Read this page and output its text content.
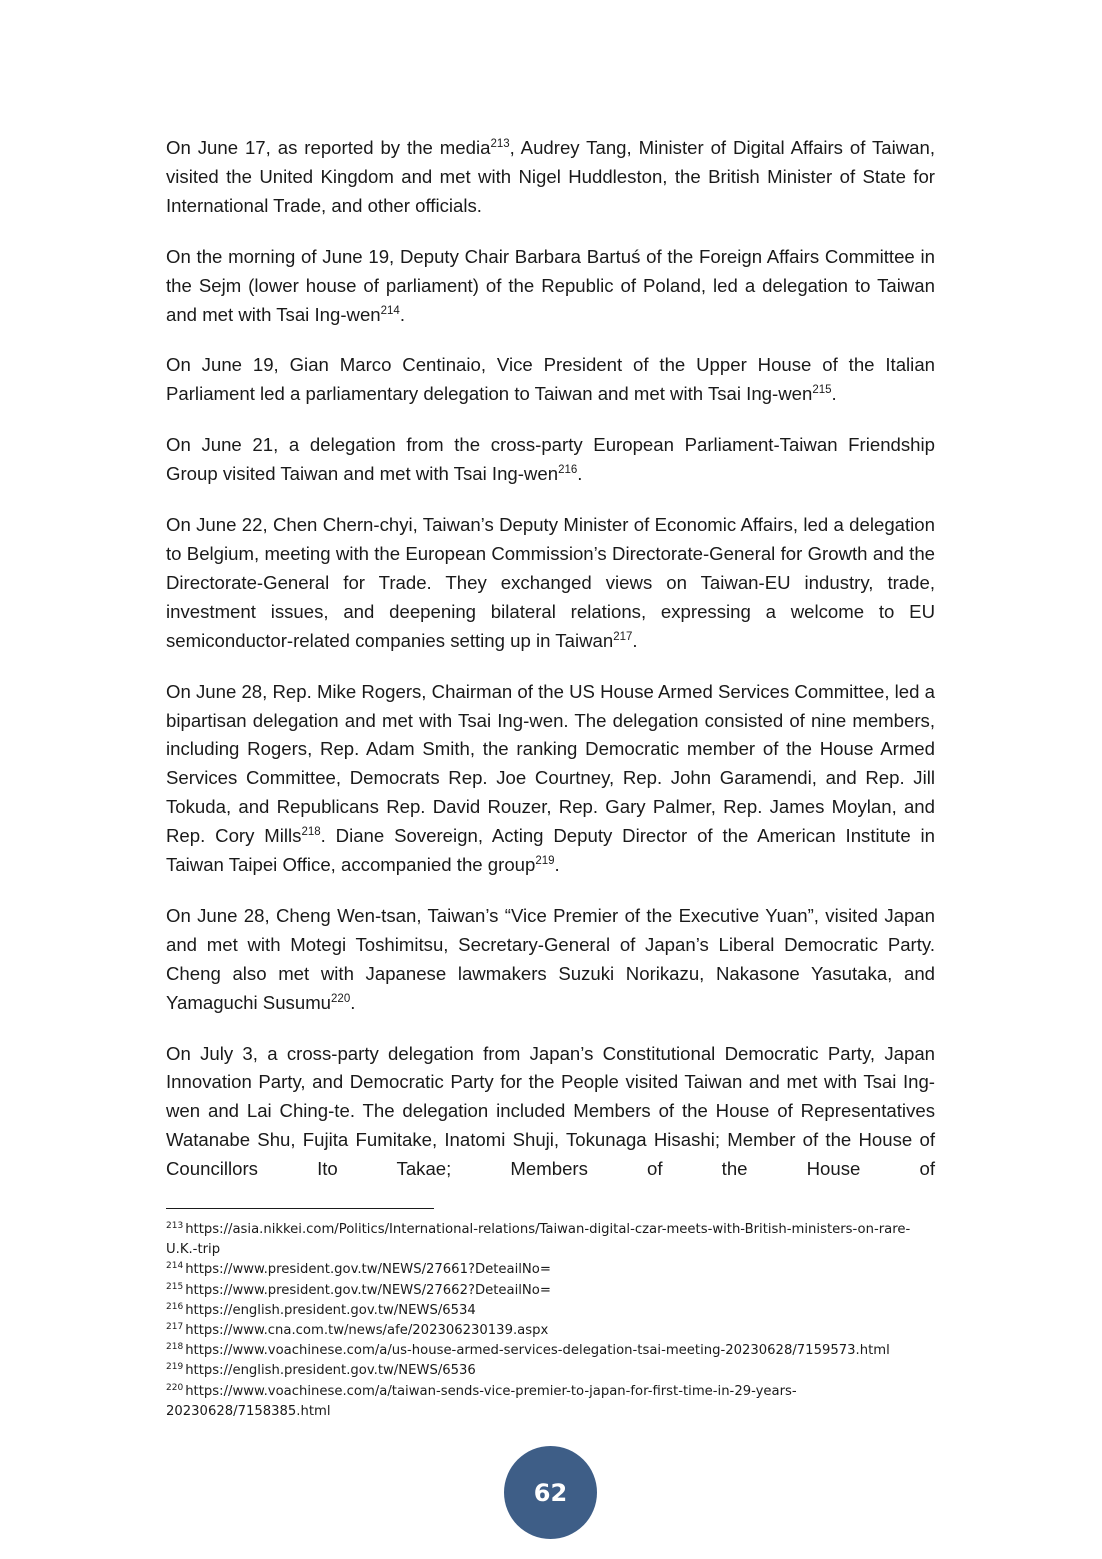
On June 17, as reported by the media$^{213}$, Audrey Tang, Minister of Digital Affairs of Taiwan, visited the United Kingdom and met with Nigel Huddleston, the British Minister of State for International Trade, and other officials.

On the morning of June 19, Deputy Chair Barbara Bartuś of the Foreign Affairs Committee in the Sejm (lower house of parliament) of the Republic of Poland, led a delegation to Taiwan and met with Tsai Ing-wen$^{214}$.

On June 19, Gian Marco Centinaio, Vice President of the Upper House of the Italian Parliament led a parliamentary delegation to Taiwan and met with Tsai Ing-wen$^{215}$.

On June 21, a delegation from the cross-party European Parliament-Taiwan Friendship Group visited Taiwan and met with Tsai Ing-wen$^{216}$.

On June 22, Chen Chern-chyi, Taiwan’s Deputy Minister of Economic Affairs, led a delegation to Belgium, meeting with the European Commission’s Directorate-General for Growth and the Directorate-General for Trade. They exchanged views on Taiwan-EU industry, trade, investment issues, and deepening bilateral relations, expressing a welcome to EU semiconductor-related companies setting up in Taiwan$^{217}$.

On June 28, Rep. Mike Rogers, Chairman of the US House Armed Services Committee, led a bipartisan delegation and met with Tsai Ing-wen. The delegation consisted of nine members, including Rogers, Rep. Adam Smith, the ranking Democratic member of the House Armed Services Committee, Democrats Rep. Joe Courtney, Rep. John Garamendi, and Rep. Jill Tokuda, and Republicans Rep. David Rouzer, Rep. Gary Palmer, Rep. James Moylan, and Rep. Cory Mills$^{218}$. Diane Sovereign, Acting Deputy Director of the American Institute in Taiwan Taipei Office, accompanied the group$^{219}$.

On June 28, Cheng Wen-tsan, Taiwan’s “Vice Premier of the Executive Yuan”, visited Japan and met with Motegi Toshimitsu, Secretary-General of Japan’s Liberal Democratic Party. Cheng also met with Japanese lawmakers Suzuki Norikazu, Nakasone Yasutaka, and Yamaguchi Susumu$^{220}$.

On July 3, a cross-party delegation from Japan’s Constitutional Democratic Party, Japan Innovation Party, and Democratic Party for the People visited Taiwan and met with Tsai Ing-wen and Lai Ching-te. The delegation included Members of the House of Representatives Watanabe Shu, Fujita Fumitake, Inatomi Shuji, Tokunaga Hisashi; Member of the House of Councillors Ito Takae; Members of the House of

$^{213}$ https://asia.nikkei.com/Politics/International-relations/Taiwan-digital-czar-meets-with-British-ministers-on-rare-U.K.-trip

$^{214}$ https://www.president.gov.tw/NEWS/27661?DeteailNo=

$^{215}$ https://www.president.gov.tw/NEWS/27662?DeteailNo=

$^{216}$ https://english.president.gov.tw/NEWS/6534

$^{217}$ https://www.cna.com.tw/news/afe/202306230139.aspx

$^{218}$ https://www.voachinese.com/a/us-house-armed-services-delegation-tsai-meeting-20230628/7159573.html

$^{219}$ https://english.president.gov.tw/NEWS/6536

$^{220}$ https://www.voachinese.com/a/taiwan-sends-vice-premier-to-japan-for-first-time-in-29-years-20230628/7158385.html

62
